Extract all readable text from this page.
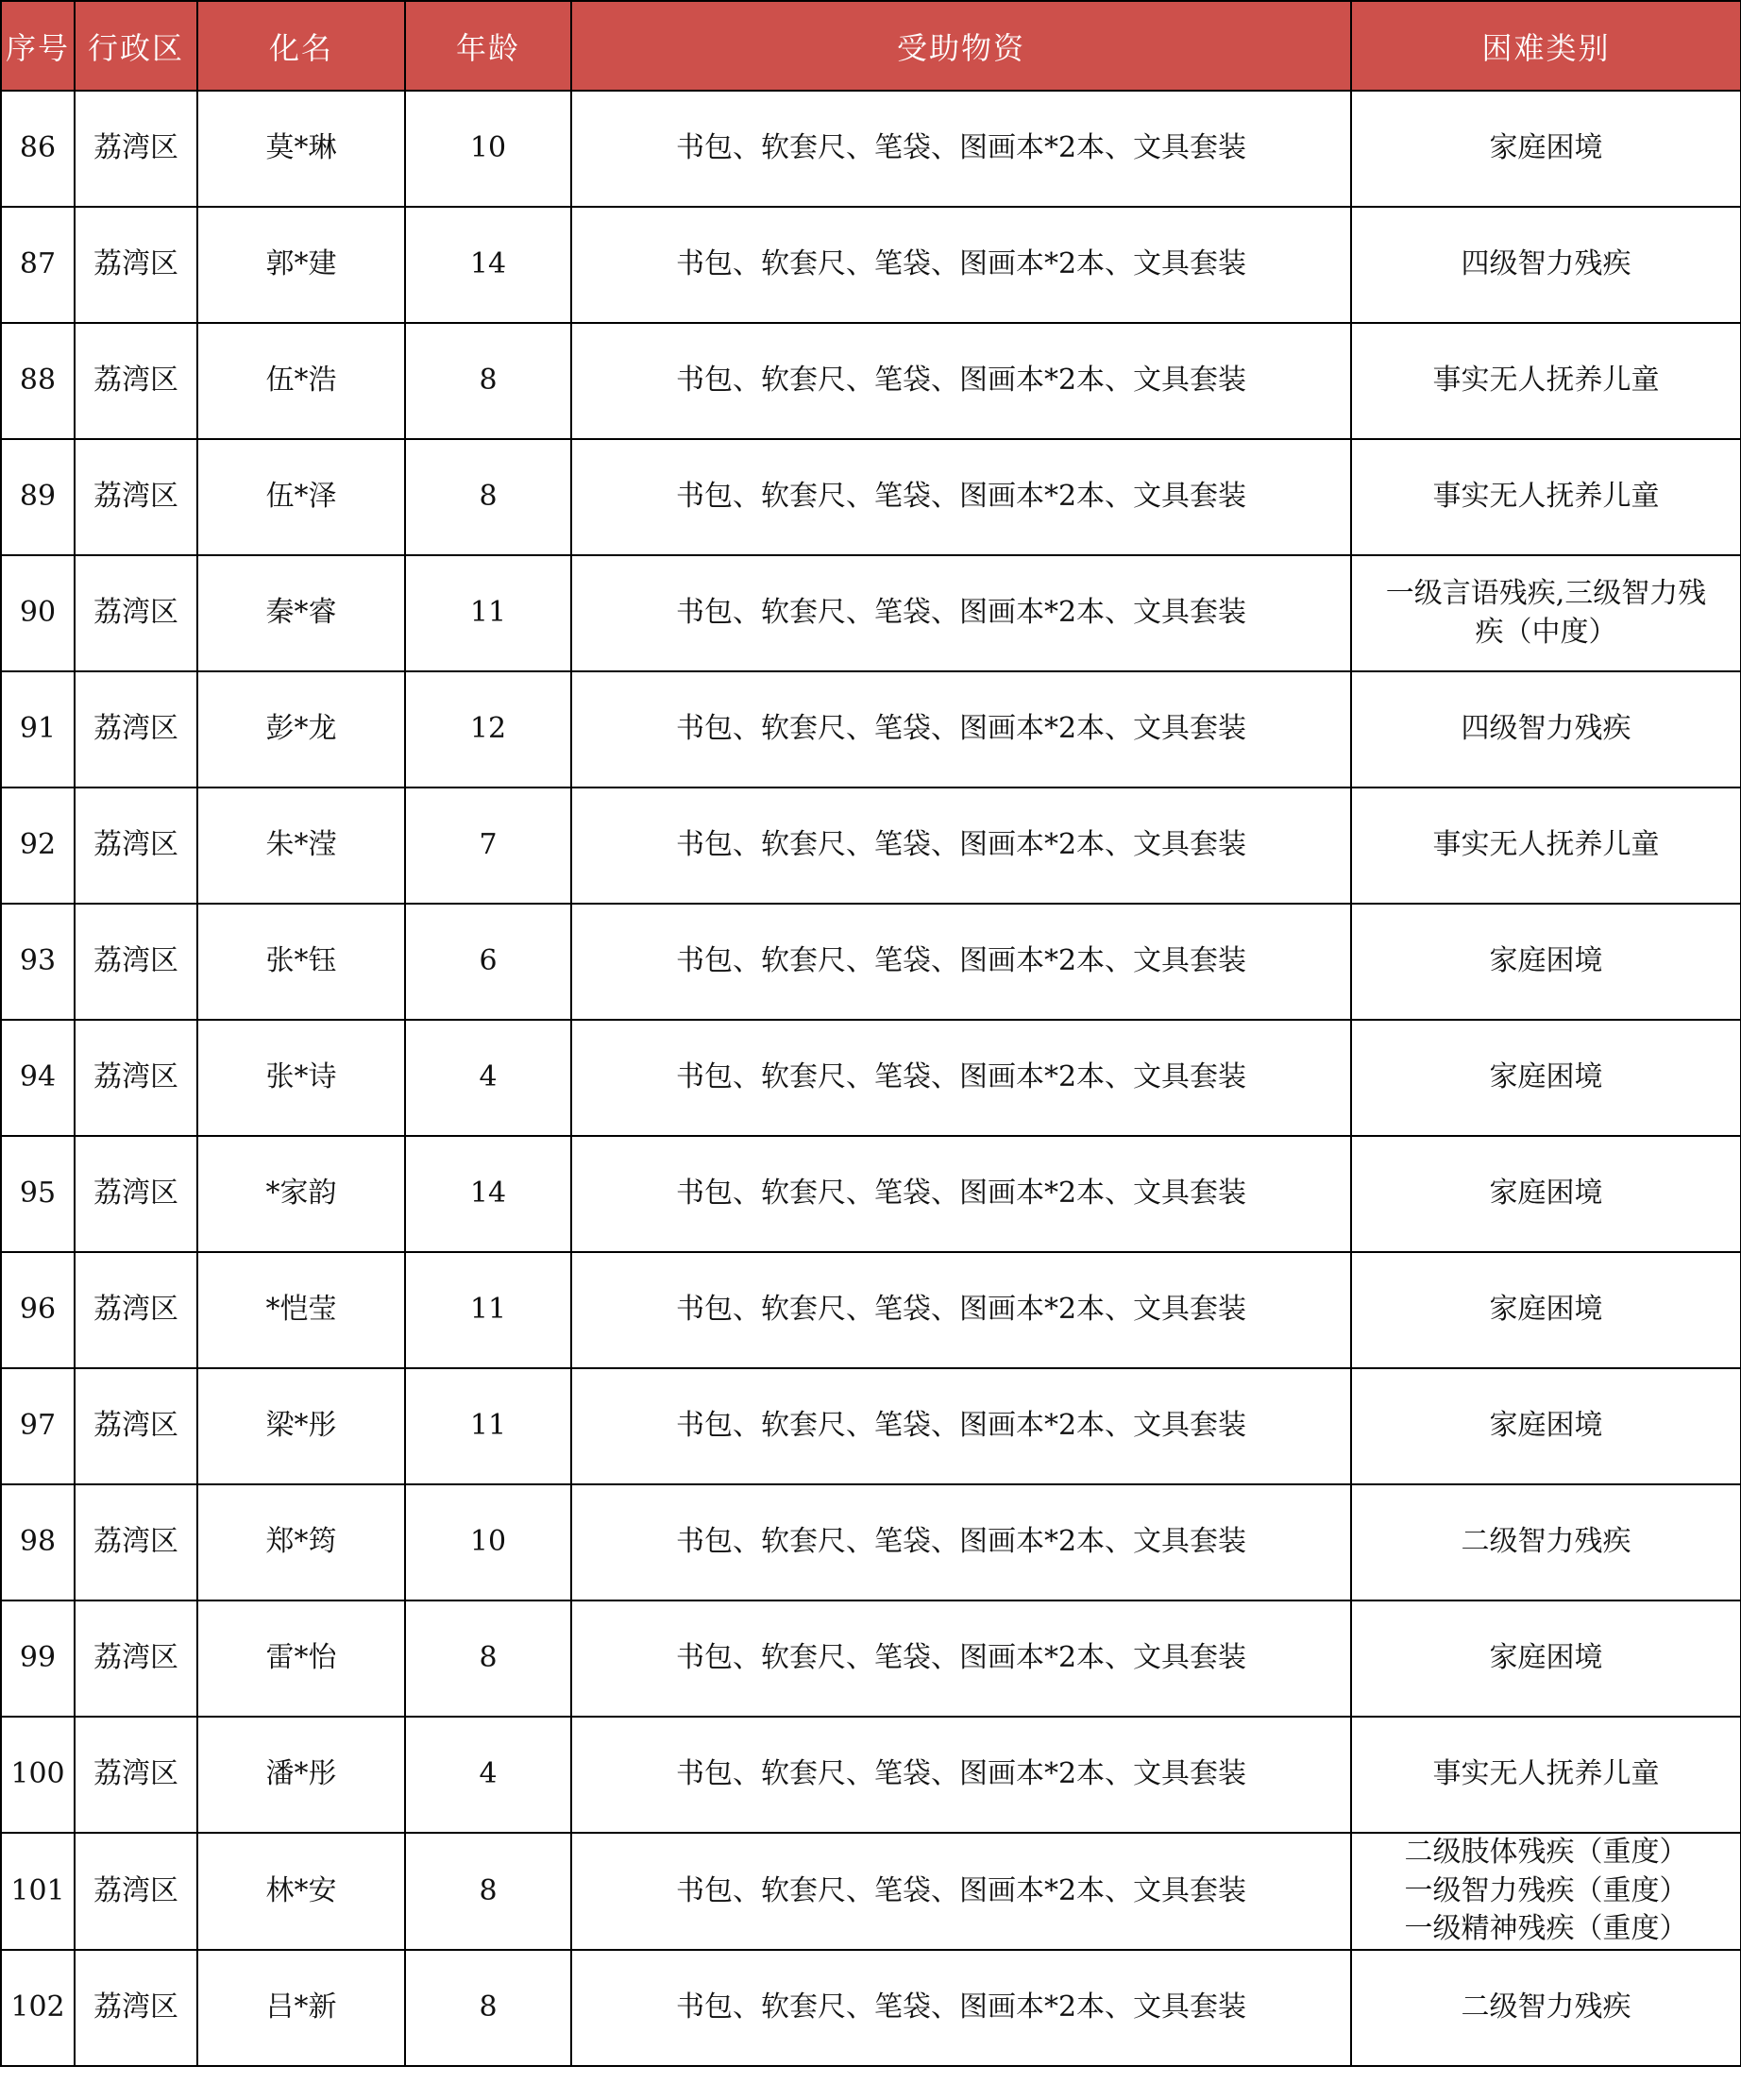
序号	行政区	化名	年龄	受助物资	困难类别
86	荔湾区	莫*琳	10	书包、软套尺、笔袋、图画本*2本、文具套装	家庭困境

87	荔湾区	郭*建	14	书包、软套尺、笔袋、图画本*2本、文具套装	四级智力残疾

88	荔湾区	伍*浩	8	书包、软套尺、笔袋、图画本*2本、文具套装	事实无人抚养儿童

89	荔湾区	伍*泽	8	书包、软套尺、笔袋、图画本*2本、文具套装	事实无人抚养儿童

90	荔湾区	秦*睿	11	书包、软套尺、笔袋、图画本*2本、文具套装	一级言语残疾,三级智力残
疾（中度）

91	荔湾区	彭*龙	12	书包、软套尺、笔袋、图画本*2本、文具套装	四级智力残疾

92	荔湾区	朱*滢	7	书包、软套尺、笔袋、图画本*2本、文具套装	事实无人抚养儿童

93	荔湾区	张*钰	6	书包、软套尺、笔袋、图画本*2本、文具套装	家庭困境

94	荔湾区	张*诗	4	书包、软套尺、笔袋、图画本*2本、文具套装	家庭困境

95	荔湾区	*家韵	14	书包、软套尺、笔袋、图画本*2本、文具套装	家庭困境

96	荔湾区	*恺莹	11	书包、软套尺、笔袋、图画本*2本、文具套装	家庭困境

97	荔湾区	梁*彤	11	书包、软套尺、笔袋、图画本*2本、文具套装	家庭困境

98	荔湾区	郑*筠	10	书包、软套尺、笔袋、图画本*2本、文具套装	二级智力残疾

99	荔湾区	雷*怡	8	书包、软套尺、笔袋、图画本*2本、文具套装	家庭困境

100	荔湾区	潘*彤	4	书包、软套尺、笔袋、图画本*2本、文具套装	事实无人抚养儿童

101	荔湾区	林*安	8	书包、软套尺、笔袋、图画本*2本、文具套装	二级肢体残疾（重度）
一级智力残疾（重度）
一级精神残疾（重度）

102	荔湾区	吕*新	8	书包、软套尺、笔袋、图画本*2本、文具套装	二级智力残疾
